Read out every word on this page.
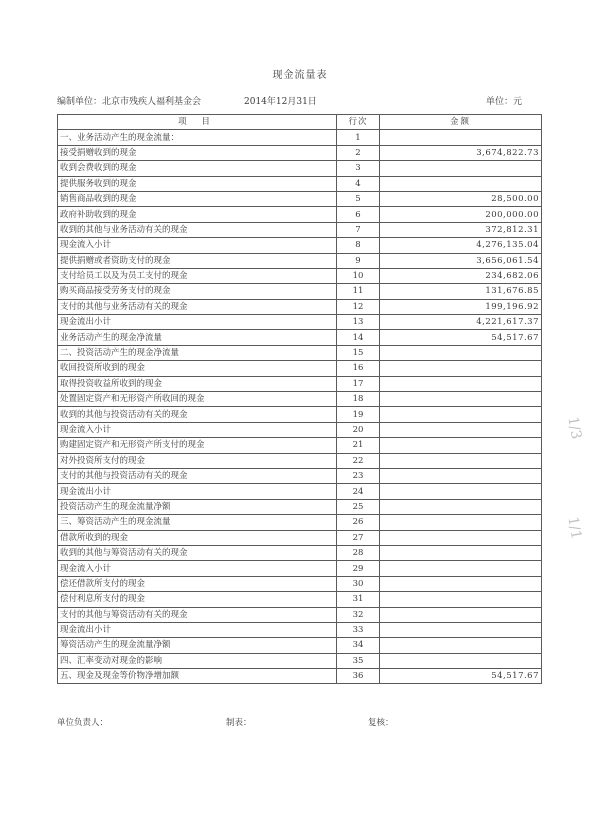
现金流量表
编制单位：北京市残疾人福利基金会	2014年12月31日	单位：元
项 目	行次	金额
一、业务活动产生的现金流量：	1	
接受捐赠收到的现金	2	3,674,822.73
收到会费收到的现金	3	
提供服务收到的现金	4	
销售商品收到的现金	5	28,500.00
政府补助收到的现金	6	200,000.00
收到的其他与业务活动有关的现金	7	372,812.31
现金流入小计	8	4,276,135.04
提供捐赠或者资助支付的现金	9	3,656,061.54
支付给员工以及为员工支付的现金	10	234,682.06
购买商品接受劳务支付的现金	11	131,676.85
支付的其他与业务活动有关的现金	12	199,196.92
现金流出小计	13	4,221,617.37
业务活动产生的现金净流量	14	54,517.67
二、投资活动产生的现金净流量	15	
收回投资所收到的现金	16	
取得投资收益所收到的现金	17	
处置固定资产和无形资产所收回的现金	18	
收到的其他与投资活动有关的现金	19	
现金流入小计	20	
购建固定资产和无形资产所支付的现金	21	
对外投资所支付的现金	22	
支付的其他与投资活动有关的现金	23	
现金流出小计	24	
投资活动产生的现金流量净额	25	
三、筹资活动产生的现金流量	26	
借款所收到的现金	27	
收到的其他与筹资活动有关的现金	28	
现金流入小计	29	
偿还借款所支付的现金	30	
偿付利息所支付的现金	31	
支付的其他与筹资活动有关的现金	32	
现金流出小计	33	
筹资活动产生的现金流量净额	34	
四、汇率变动对现金的影响	35	
五、现金及现金等价物净增加额	36	54,517.67
单位负责人：	制表：	复核：
1/3
1/1
